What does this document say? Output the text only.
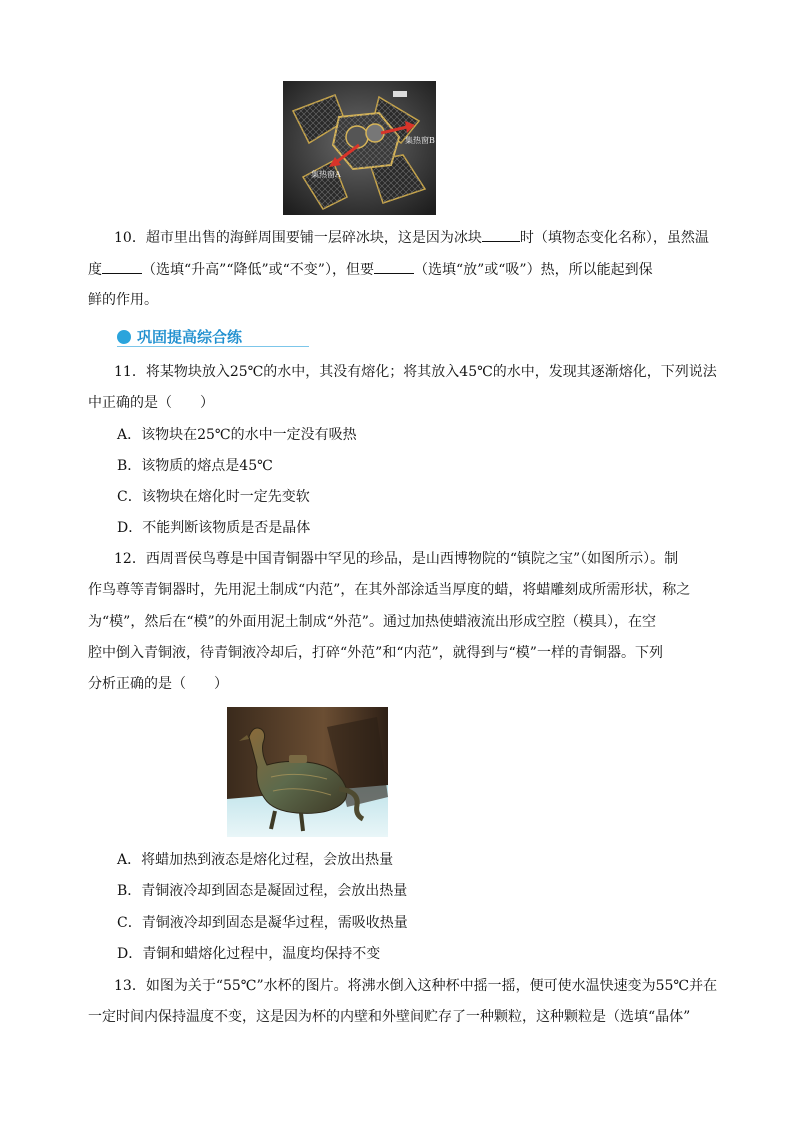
集热窗A
集热窗B
10．超市里出售的海鲜周围要铺一层碎冰块，这是因为冰块	时（填物态变化名称），虽然温
度	（选填“升高”“降低”或“不变”），但要	（选填“放”或“吸”）热，所以能起到保
鲜的作用。
巩固提高综合练
11．将某物块放入25℃的水中，其没有熔化；将其放入45℃的水中，发现其逐渐熔化，下列说法
中正确的是（　　）
A．该物块在25℃的水中一定没有吸热
B．该物质的熔点是45℃
C．该物块在熔化时一定先变软
D．不能判断该物质是否是晶体
12．西周晋侯鸟尊是中国青铜器中罕见的珍品，是山西博物院的“镇院之宝”（如图所示）。制
作鸟尊等青铜器时，先用泥土制成“内范”，在其外部涂适当厚度的蜡，将蜡雕刻成所需形状，称之
为“模”，然后在“模”的外面用泥土制成“外范”。通过加热使蜡液流出形成空腔（模具），在空
腔中倒入青铜液，待青铜液冷却后，打碎“外范”和“内范”，就得到与“模”一样的青铜器。下列
分析正确的是（　　）
A．将蜡加热到液态是熔化过程，会放出热量
B．青铜液冷却到固态是凝固过程，会放出热量
C．青铜液冷却到固态是凝华过程，需吸收热量
D．青铜和蜡熔化过程中，温度均保持不变
13．如图为关于“55℃”水杯的图片。将沸水倒入这种杯中摇一摇，便可使水温快速变为55℃并在
一定时间内保持温度不变，这是因为杯的内壁和外壁间贮存了一种颗粒，这种颗粒是（选填“晶体”
